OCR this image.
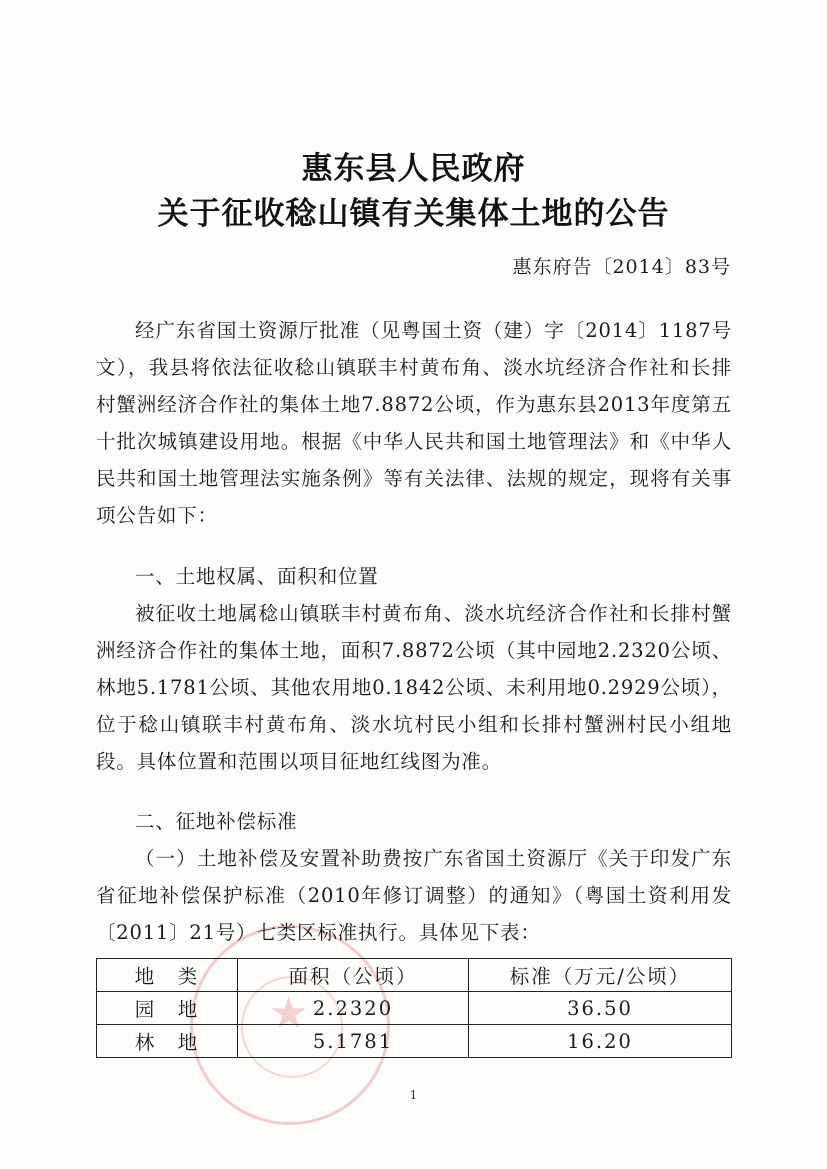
★
惠东县人民政府
关于征收稔山镇有关集体土地的公告
惠东府告〔2014〕83号
经广东省国土资源厅批准（见粤国土资（建）字〔2014〕1187号文），我县将依法征收稔山镇联丰村黄布角、淡水坑经济合作社和长排村蟹洲经济合作社的集体土地7.8872公顷，作为惠东县2013年度第五十批次城镇建设用地。根据《中华人民共和国土地管理法》和《中华人民共和国土地管理法实施条例》等有关法律、法规的规定，现将有关事项公告如下：
一、土地权属、面积和位置
被征收土地属稔山镇联丰村黄布角、淡水坑经济合作社和长排村蟹洲经济合作社的集体土地，面积7.8872公顷（其中园地2.2320公顷、林地5.1781公顷、其他农用地0.1842公顷、未利用地0.2929公顷），位于稔山镇联丰村黄布角、淡水坑村民小组和长排村蟹洲村民小组地段。具体位置和范围以项目征地红线图为准。
二、征地补偿标准
（一）土地补偿及安置补助费按广东省国土资源厅《关于印发广东省征地补偿保护标准（2010年修订调整）的通知》（粤国土资利用发〔2011〕21号）七类区标准执行。具体见下表：
地　类	面积（公顷）	标准（万元/公顷）
园　地	2.2320	36.50
林　地	5.1781	16.20
1
